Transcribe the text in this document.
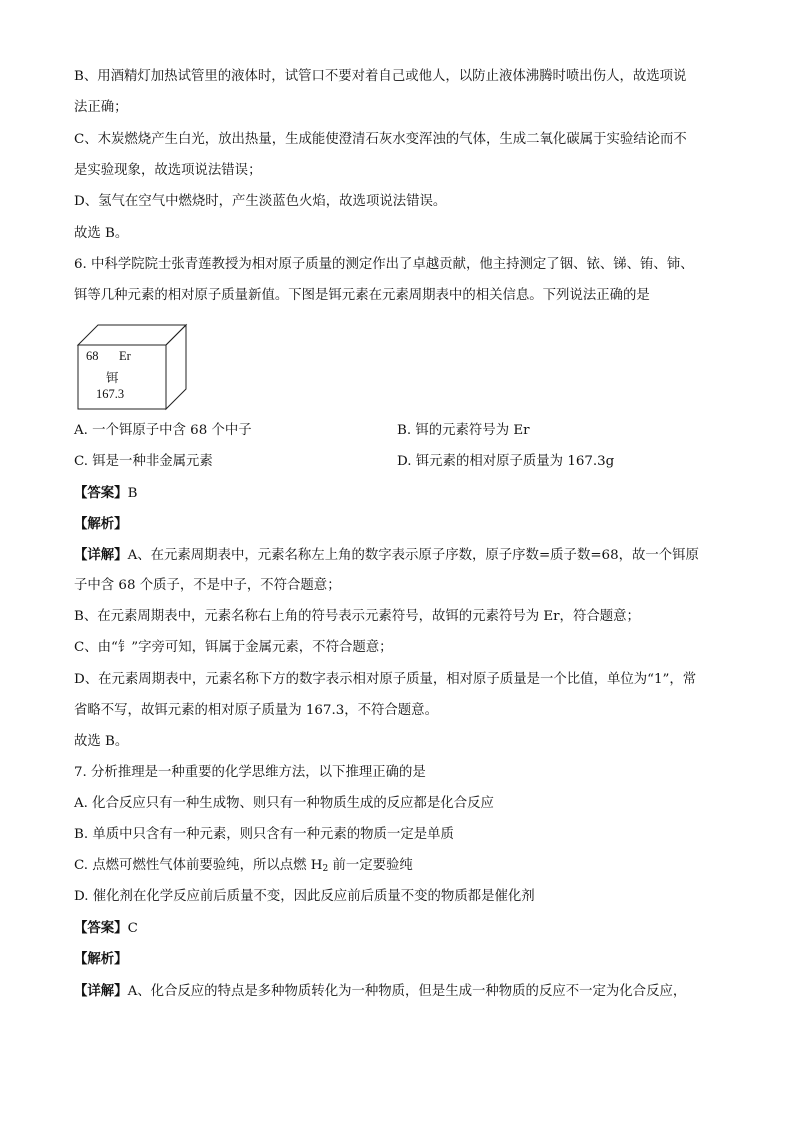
B、用酒精灯加热试管里的液体时，试管口不要对着自己或他人，以防止液体沸腾时喷出伤人，故选项说
法正确；
C、木炭燃烧产生白光，放出热量，生成能使澄清石灰水变浑浊的气体，生成二氧化碳属于实验结论而不
是实验现象，故选项说法错误；
D、氢气在空气中燃烧时，产生淡蓝色火焰，故选项说法错误。
故选 B。
6. 中科学院院士张青莲教授为相对原子质量的测定作出了卓越贡献，他主持测定了铟、铱、锑、铕、铈、
铒等几种元素的相对原子质量新值。下图是铒元素在元素周期表中的相关信息。下列说法正确的是
68 Er
铒
167.3
A. 一个铒原子中含 68 个中子	B. 铒的元素符号为 Er
C. 铒是一种非金属元素	D. 铒元素的相对原子质量为 167.3g
【答案】B
【解析】
【详解】A、在元素周期表中，元素名称左上角的数字表示原子序数，原子序数=质子数=68，故一个铒原
子中含 68 个质子，不是中子，不符合题意；
B、在元素周期表中，元素名称右上角的符号表示元素符号，故铒的元素符号为 Er，符合题意；
C、由“钅”字旁可知，铒属于金属元素，不符合题意；
D、在元素周期表中，元素名称下方的数字表示相对原子质量，相对原子质量是一个比值，单位为“1”，常
省略不写，故铒元素的相对原子质量为 167.3，不符合题意。
故选 B。
7. 分析推理是一种重要的化学思维方法，以下推理正确的是
A. 化合反应只有一种生成物、则只有一种物质生成的反应都是化合反应
B. 单质中只含有一种元素，则只含有一种元素的物质一定是单质
C. 点燃可燃性气体前要验纯，所以点燃 $H_2$ 前一定要验纯
D. 催化剂在化学反应前后质量不变，因此反应前后质量不变的物质都是催化剂
【答案】C
【解析】
【详解】A、化合反应的特点是多种物质转化为一种物质，但是生成一种物质的反应不一定为化合反应，
